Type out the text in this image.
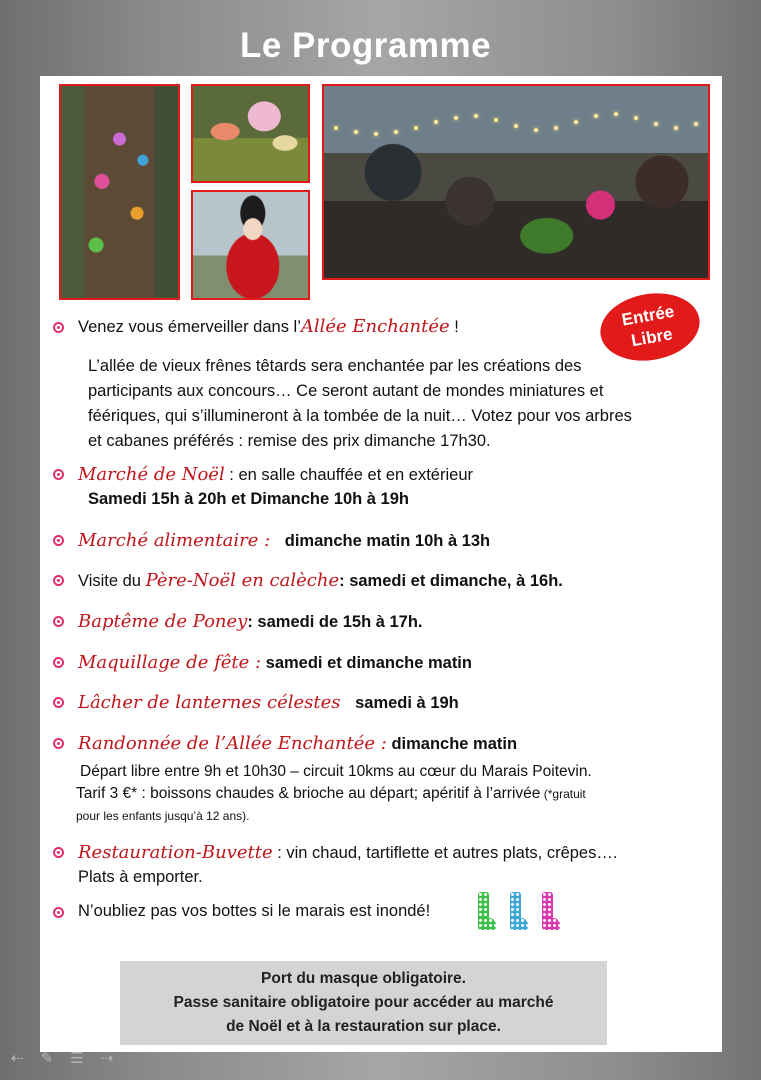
Le Programme
Entrée
Libre
Venez vous émerveiller dans l’Allée Enchantée !
L’allée de vieux frênes têtards sera enchantée par les créations des
participants aux concours… Ce seront autant de mondes miniatures et
féériques, qui s’illumineront à la tombée de la nuit… Votez pour vos arbres
et cabanes préférés : remise des prix dimanche 17h30.
Marché de Noël : en salle chauffée et en extérieur
Samedi 15h à 20h et Dimanche 10h à 19h
Marché alimentaire : dimanche matin 10h à 13h
Visite du Père-Noël en calèche: samedi et dimanche, à 16h.
Baptême de Poney: samedi de 15h à 17h.
Maquillage de fête : samedi et dimanche matin
Lâcher de lanternes célestes samedi à 19h
Randonnée de l’Allée Enchantée : dimanche matin
Départ libre entre 9h et 10h30 – circuit 10kms au cœur du Marais Poitevin.
Tarif 3 €* : boissons chaudes & brioche au départ; apéritif à l’arrivée (*gratuit
pour les enfants jusqu’à 12 ans).
Restauration-Buvette : vin chaud, tartiflette et autres plats, crêpes….
Plats à emporter.
N’oubliez pas vos bottes si le marais est inondé!
Port du masque obligatoire.
Passe sanitaire obligatoire pour accéder au marché
de Noël et à la restauration sur place.
⇠ ✎ ☰ ⇢
